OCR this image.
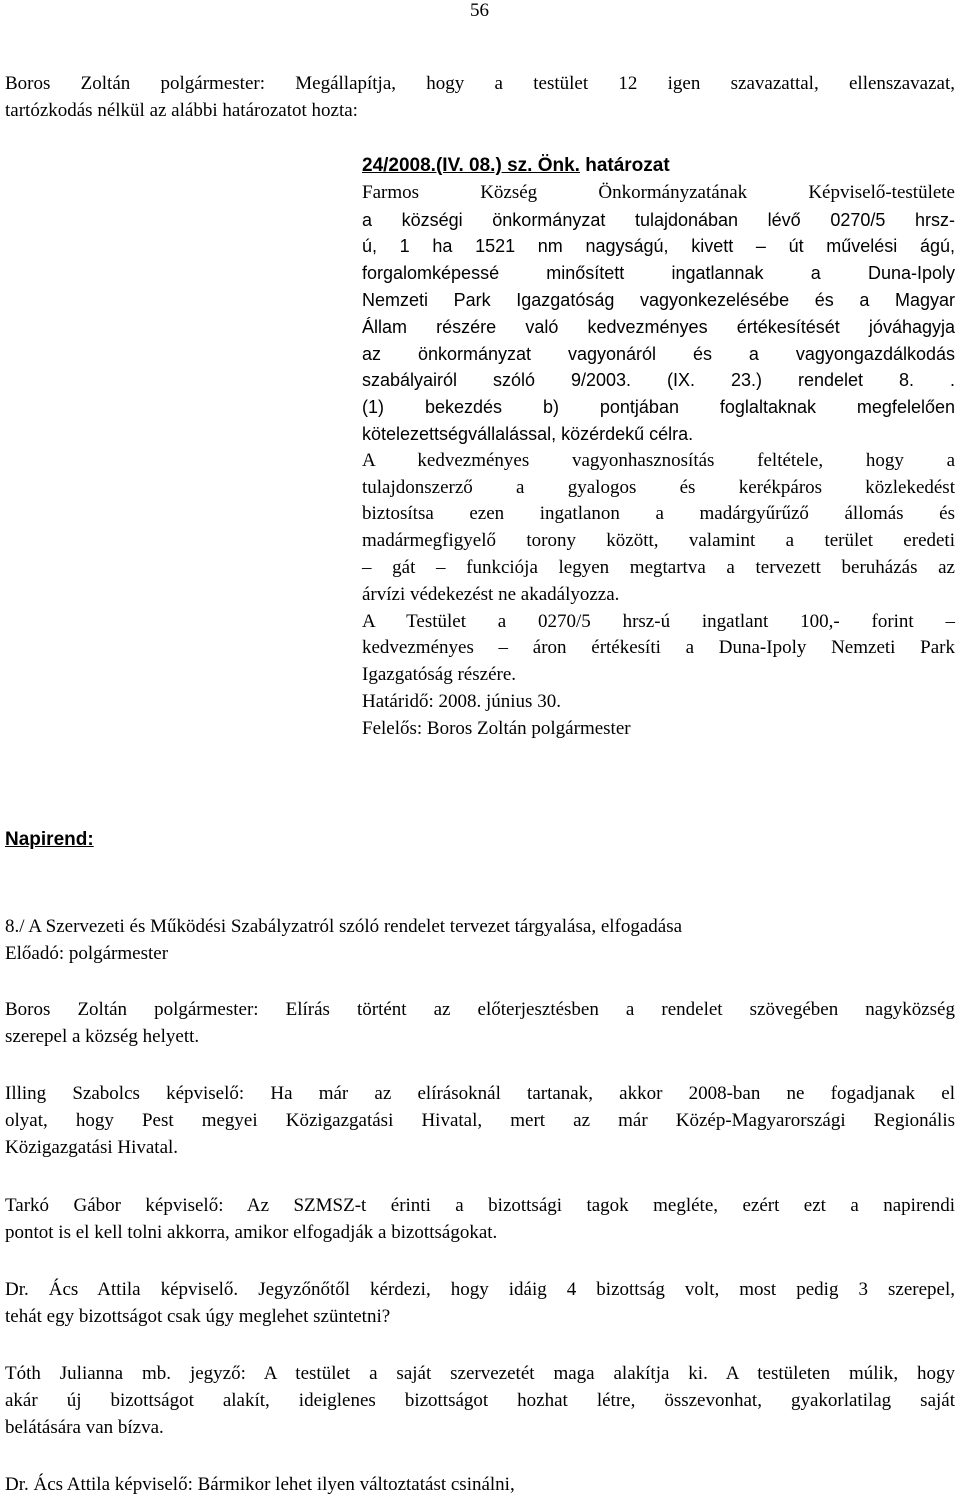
56
Boros Zoltán polgármester: Megállapítja, hogy a testület 12 igen szavazattal, ellenszavazat,
tartózkodás nélkül az alábbi határozatot hozta:
24/2008.(IV. 08.) sz. Önk. határozat
Farmos Község Önkormányzatának Képviselő-testülete
a községi önkormányzat tulajdonában lévő 0270/5 hrsz-
ú, 1 ha 1521 nm nagyságú, kivett – út művelési ágú,
forgalomképessé minősített ingatlannak a Duna-Ipoly
Nemzeti Park Igazgatóság vagyonkezelésébe és a Magyar
Állam részére való kedvezményes értékesítését jóváhagyja
az önkormányzat vagyonáról és a vagyongazdálkodás
szabályairól szóló 9/2003. (IX. 23.) rendelet 8. .
(1) bekezdés b) pontjában foglaltaknak megfelelően
kötelezettségvállalással, közérdekű célra.
A kedvezményes vagyonhasznosítás feltétele, hogy a
tulajdonszerző a gyalogos és kerékpáros közlekedést
biztosítsa ezen ingatlanon a madárgyűrűző állomás és
madármegfigyelő torony között, valamint a terület eredeti
– gát – funkciója legyen megtartva a tervezett beruházás az
árvízi védekezést ne akadályozza.
A Testület a 0270/5 hrsz-ú ingatlant 100,- forint –
kedvezményes – áron értékesíti a Duna-Ipoly Nemzeti Park
Igazgatóság részére.
Határidő: 2008. június 30.
Felelős: Boros Zoltán polgármester
Napirend:
8./ A Szervezeti és Működési Szabályzatról szóló rendelet tervezet tárgyalása, elfogadása
Előadó: polgármester
Boros Zoltán polgármester: Elírás történt az előterjesztésben a rendelet szövegében nagyközség
szerepel a község helyett.
Illing Szabolcs képviselő: Ha már az elírásoknál tartanak, akkor 2008-ban ne fogadjanak el
olyat, hogy Pest megyei Közigazgatási Hivatal, mert az már Közép-Magyarországi Regionális
Közigazgatási Hivatal.
Tarkó Gábor képviselő: Az SZMSZ-t érinti a bizottsági tagok megléte, ezért ezt a napirendi
pontot is el kell tolni akkorra, amikor elfogadják a bizottságokat.
Dr. Ács Attila képviselő. Jegyzőnőtől kérdezi, hogy idáig 4 bizottság volt, most pedig 3 szerepel,
tehát egy bizottságot csak úgy meglehet szüntetni?
Tóth Julianna mb. jegyző: A testület a saját szervezetét maga alakítja ki. A testületen múlik, hogy
akár új bizottságot alakít, ideiglenes bizottságot hozhat létre, összevonhat, gyakorlatilag saját
belátására van bízva.
Dr. Ács Attila képviselő: Bármikor lehet ilyen változtatást csinálni,
